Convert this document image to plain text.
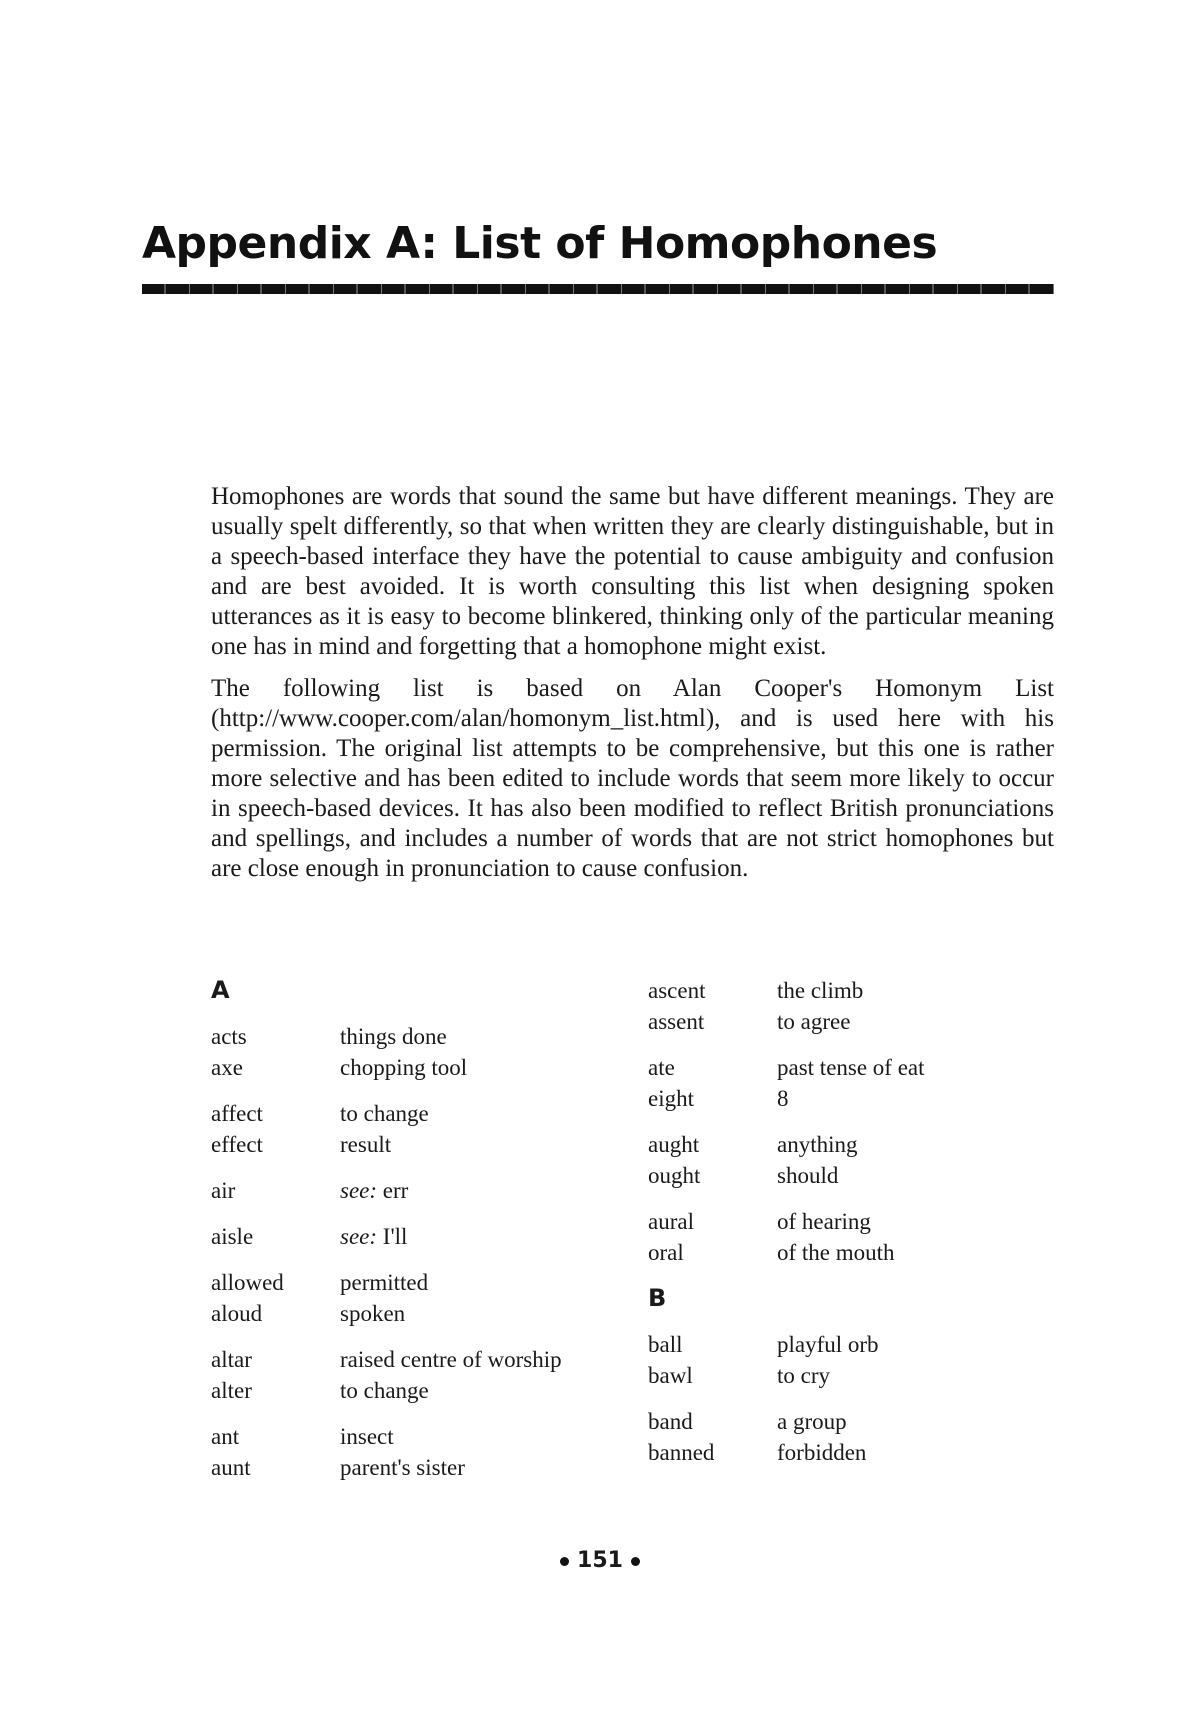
Appendix A: List of Homophones

Homophones are words that sound the same but have different meanings. They are usually spelt differently, so that when written they are clearly distinguishable, but in a speech-based interface they have the potential to cause ambiguity and confusion and are best avoided. It is worth consulting this list when designing spoken utterances as it is easy to become blinkered, thinking only of the particular meaning one has in mind and forgetting that a homophone might exist.

The following list is based on Alan Cooper's Homonym List (http://www.cooper.com/alan/homonym_list.html), and is used here with his permission. The original list attempts to be comprehensive, but this one is rather more selective and has been edited to include words that seem more likely to occur in speech-based devices. It has also been modified to reflect British pronunciations and spellings, and includes a number of words that are not strict homophones but are close enough in pronunciation to cause confusion.

A
acts	things done
axe	chopping tool
affect	to change
effect	result
air	see: err
aisle	see: I'll
allowed	permitted
aloud	spoken
altar	raised centre of worship
alter	to change
ant	insect
aunt	parent's sister
ascent	the climb
assent	to agree
ate	past tense of eat
eight	8
aught	anything
ought	should
aural	of hearing
oral	of the mouth
B
ball	playful orb
bawl	to cry
band	a group
banned	forbidden
151
